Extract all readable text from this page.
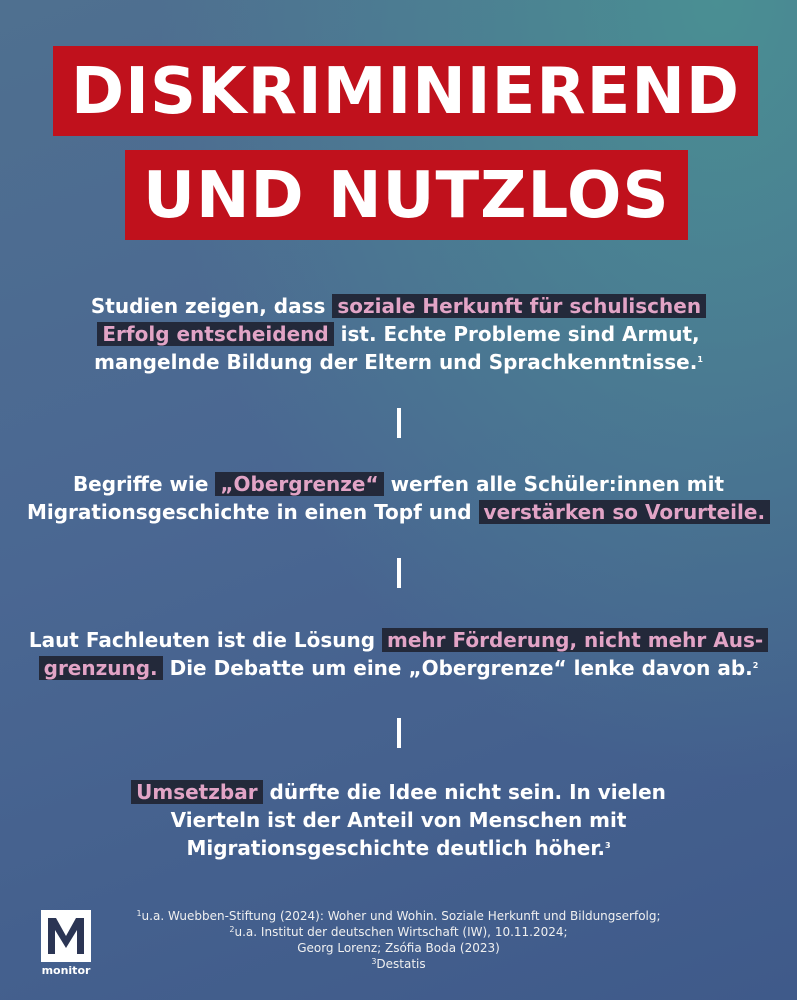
DISKRIMINIEREND
UND NUTZLOS
Studien zeigen, dass soziale Herkunft für schulischen
Erfolg entscheidend ist. Echte Probleme sind Armut,
mangelnde Bildung der Eltern und Sprachkenntnisse.$^1$
Begriffe wie „Obergrenze“ werfen alle Schüler:innen mit
Migrationsgeschichte in einen Topf und verstärken so Vorurteile.
Laut Fachleuten ist die Lösung mehr Förderung, nicht mehr Aus-
grenzung. Die Debatte um eine „Obergrenze“ lenke davon ab.$^2$
Umsetzbar dürfte die Idee nicht sein. In vielen
Vierteln ist der Anteil von Menschen mit
Migrationsgeschichte deutlich höher.$^3$
monitor
$^1$u.a. Wuebben-Stiftung (2024): Woher und Wohin. Soziale Herkunft und Bildungserfolg;
$^2$u.a. Institut der deutschen Wirtschaft (IW), 10.11.2024;
Georg Lorenz; Zsófia Boda (2023)
$^3$Destatis
